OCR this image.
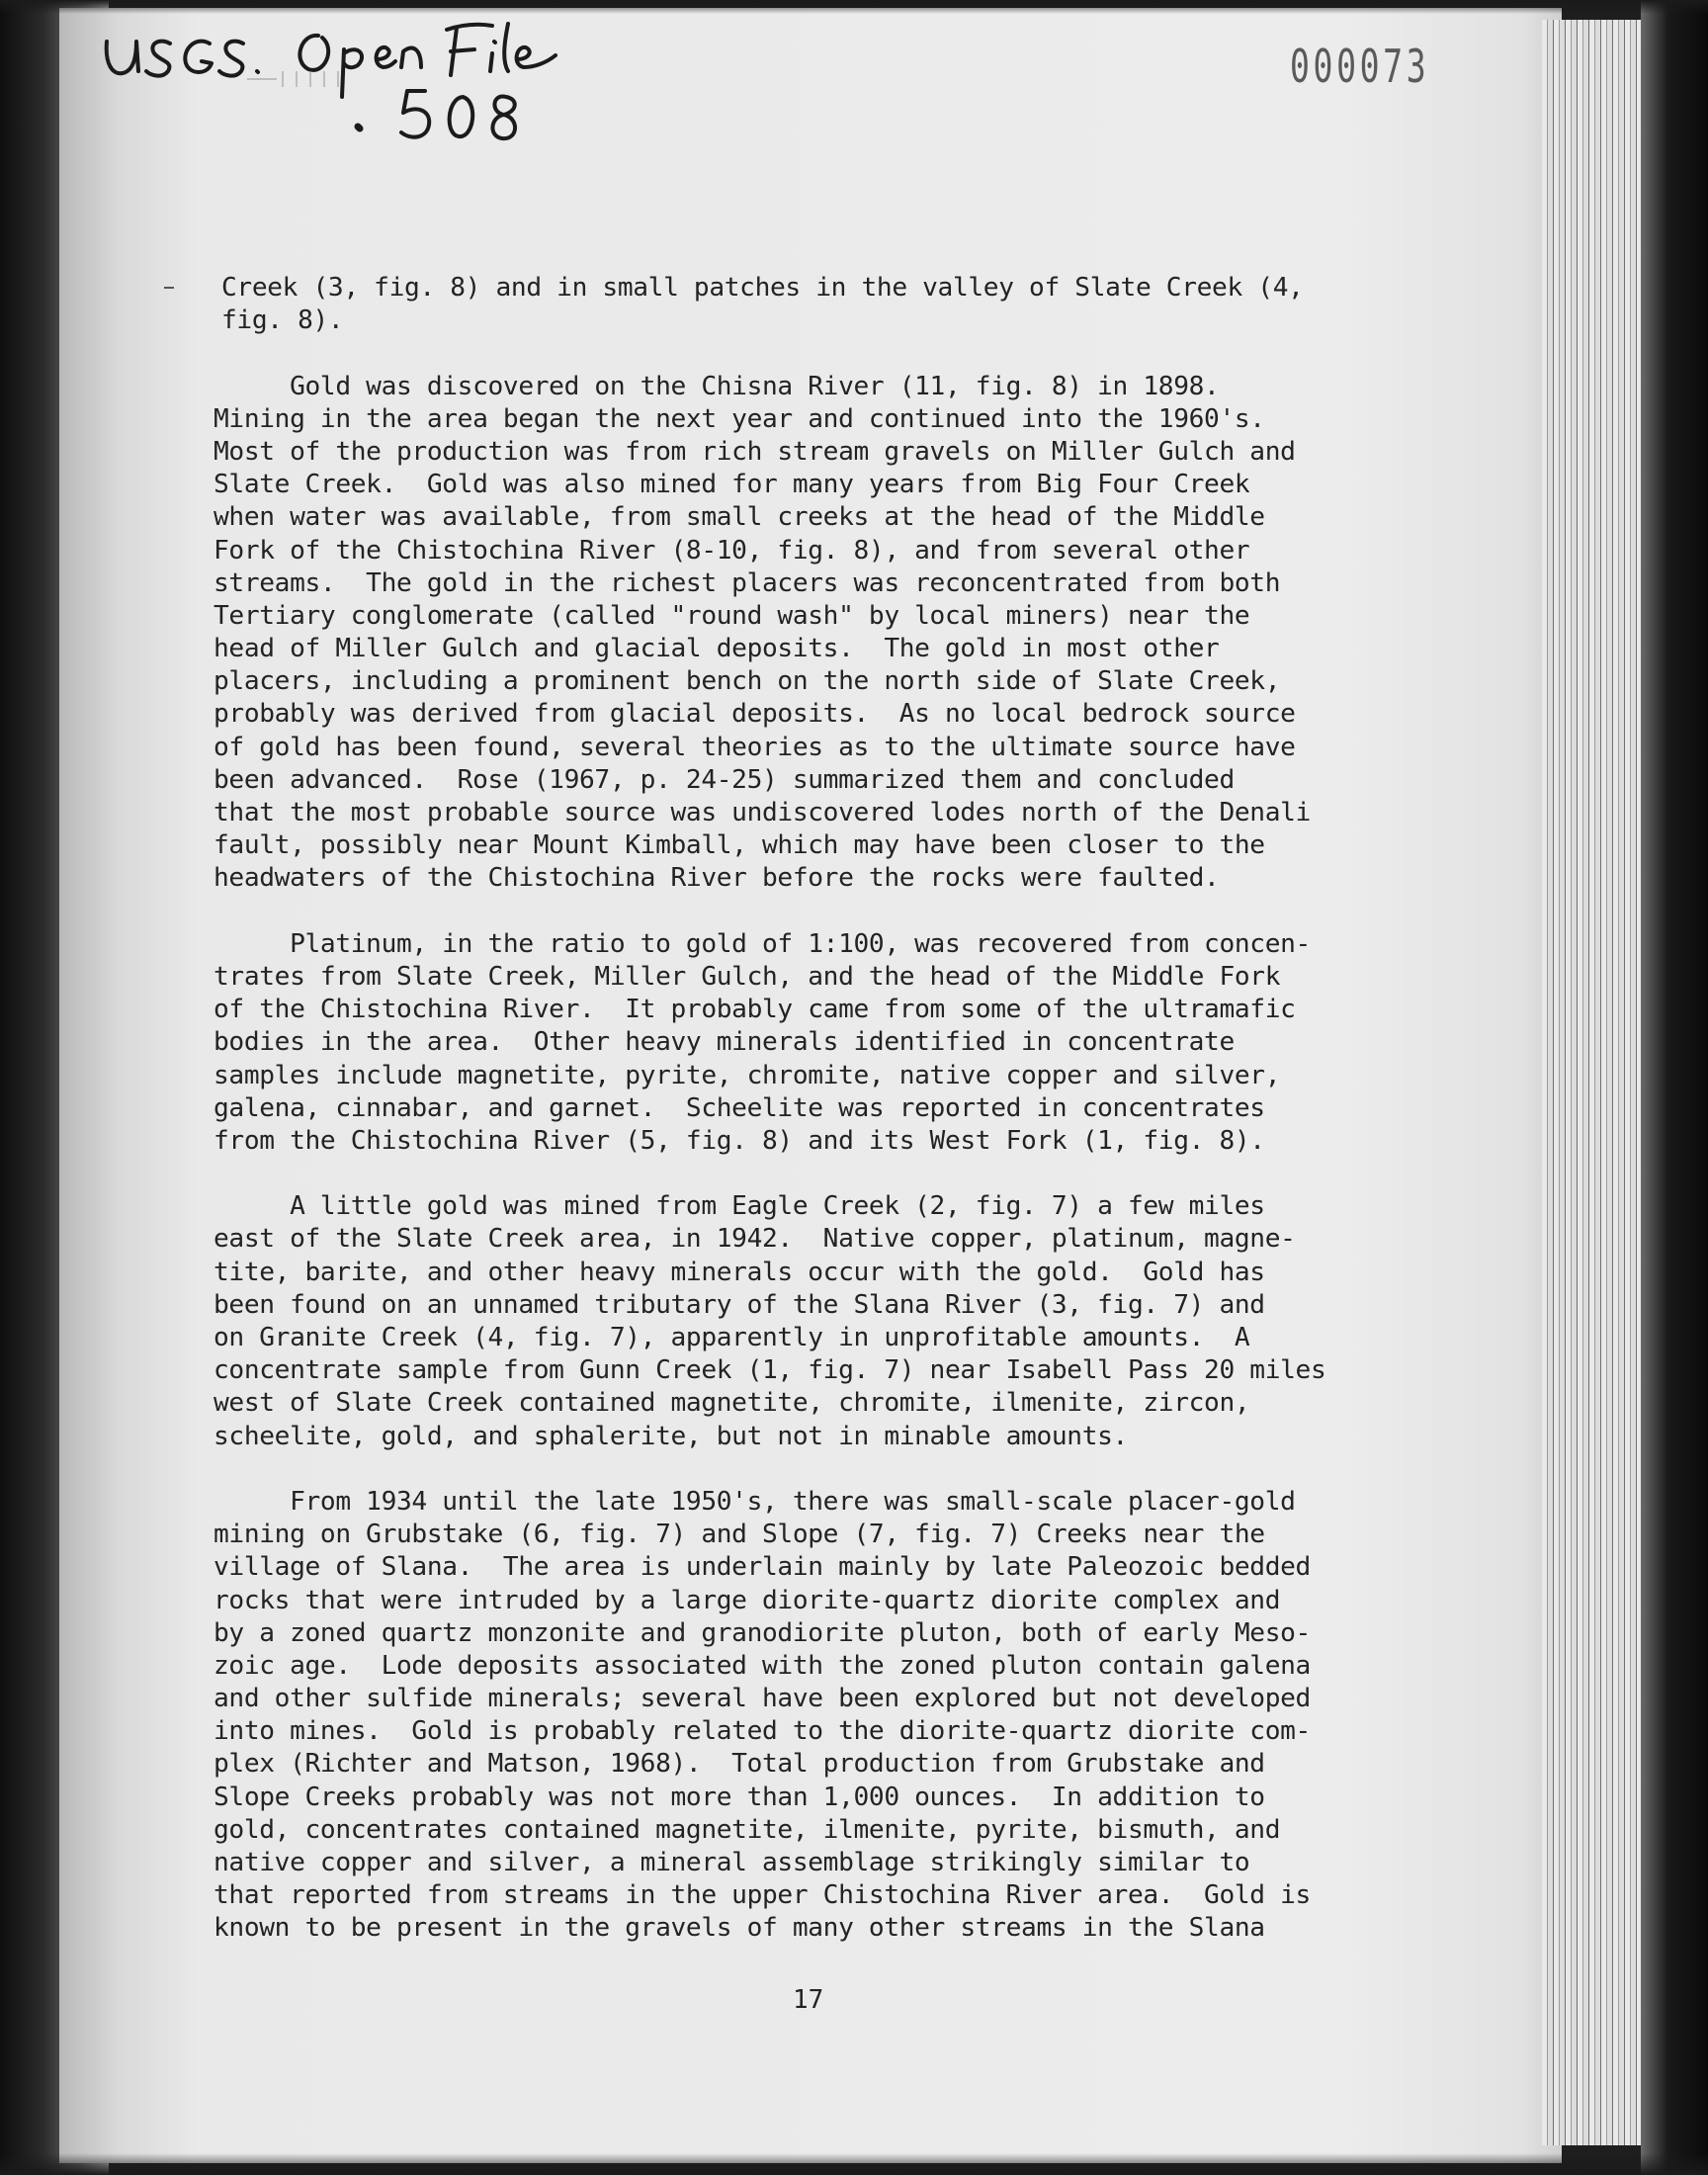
000073
Creek (3, fig. 8) and in small patches in the valley of Slate Creek (4,
fig. 8).
Gold was discovered on the Chisna River (11, fig. 8) in 1898.
Mining in the area began the next year and continued into the 1960's.
Most of the production was from rich stream gravels on Miller Gulch and
Slate Creek.  Gold was also mined for many years from Big Four Creek
when water was available, from small creeks at the head of the Middle
Fork of the Chistochina River (8-10, fig. 8), and from several other
streams.  The gold in the richest placers was reconcentrated from both
Tertiary conglomerate (called "round wash" by local miners) near the
head of Miller Gulch and glacial deposits.  The gold in most other
placers, including a prominent bench on the north side of Slate Creek,
probably was derived from glacial deposits.  As no local bedrock source
of gold has been found, several theories as to the ultimate source have
been advanced.  Rose (1967, p. 24-25) summarized them and concluded
that the most probable source was undiscovered lodes north of the Denali
fault, possibly near Mount Kimball, which may have been closer to the
headwaters of the Chistochina River before the rocks were faulted.
Platinum, in the ratio to gold of 1:100, was recovered from concen-
trates from Slate Creek, Miller Gulch, and the head of the Middle Fork
of the Chistochina River.  It probably came from some of the ultramafic
bodies in the area.  Other heavy minerals identified in concentrate
samples include magnetite, pyrite, chromite, native copper and silver,
galena, cinnabar, and garnet.  Scheelite was reported in concentrates
from the Chistochina River (5, fig. 8) and its West Fork (1, fig. 8).
A little gold was mined from Eagle Creek (2, fig. 7) a few miles
east of the Slate Creek area, in 1942.  Native copper, platinum, magne-
tite, barite, and other heavy minerals occur with the gold.  Gold has
been found on an unnamed tributary of the Slana River (3, fig. 7) and
on Granite Creek (4, fig. 7), apparently in unprofitable amounts.  A
concentrate sample from Gunn Creek (1, fig. 7) near Isabell Pass 20 miles
west of Slate Creek contained magnetite, chromite, ilmenite, zircon,
scheelite, gold, and sphalerite, but not in minable amounts.
From 1934 until the late 1950's, there was small-scale placer-gold
mining on Grubstake (6, fig. 7) and Slope (7, fig. 7) Creeks near the
village of Slana.  The area is underlain mainly by late Paleozoic bedded
rocks that were intruded by a large diorite-quartz diorite complex and
by a zoned quartz monzonite and granodiorite pluton, both of early Meso-
zoic age.  Lode deposits associated with the zoned pluton contain galena
and other sulfide minerals; several have been explored but not developed
into mines.  Gold is probably related to the diorite-quartz diorite com-
plex (Richter and Matson, 1968).  Total production from Grubstake and
Slope Creeks probably was not more than 1,000 ounces.  In addition to
gold, concentrates contained magnetite, ilmenite, pyrite, bismuth, and
native copper and silver, a mineral assemblage strikingly similar to
that reported from streams in the upper Chistochina River area.  Gold is
known to be present in the gravels of many other streams in the Slana
17
